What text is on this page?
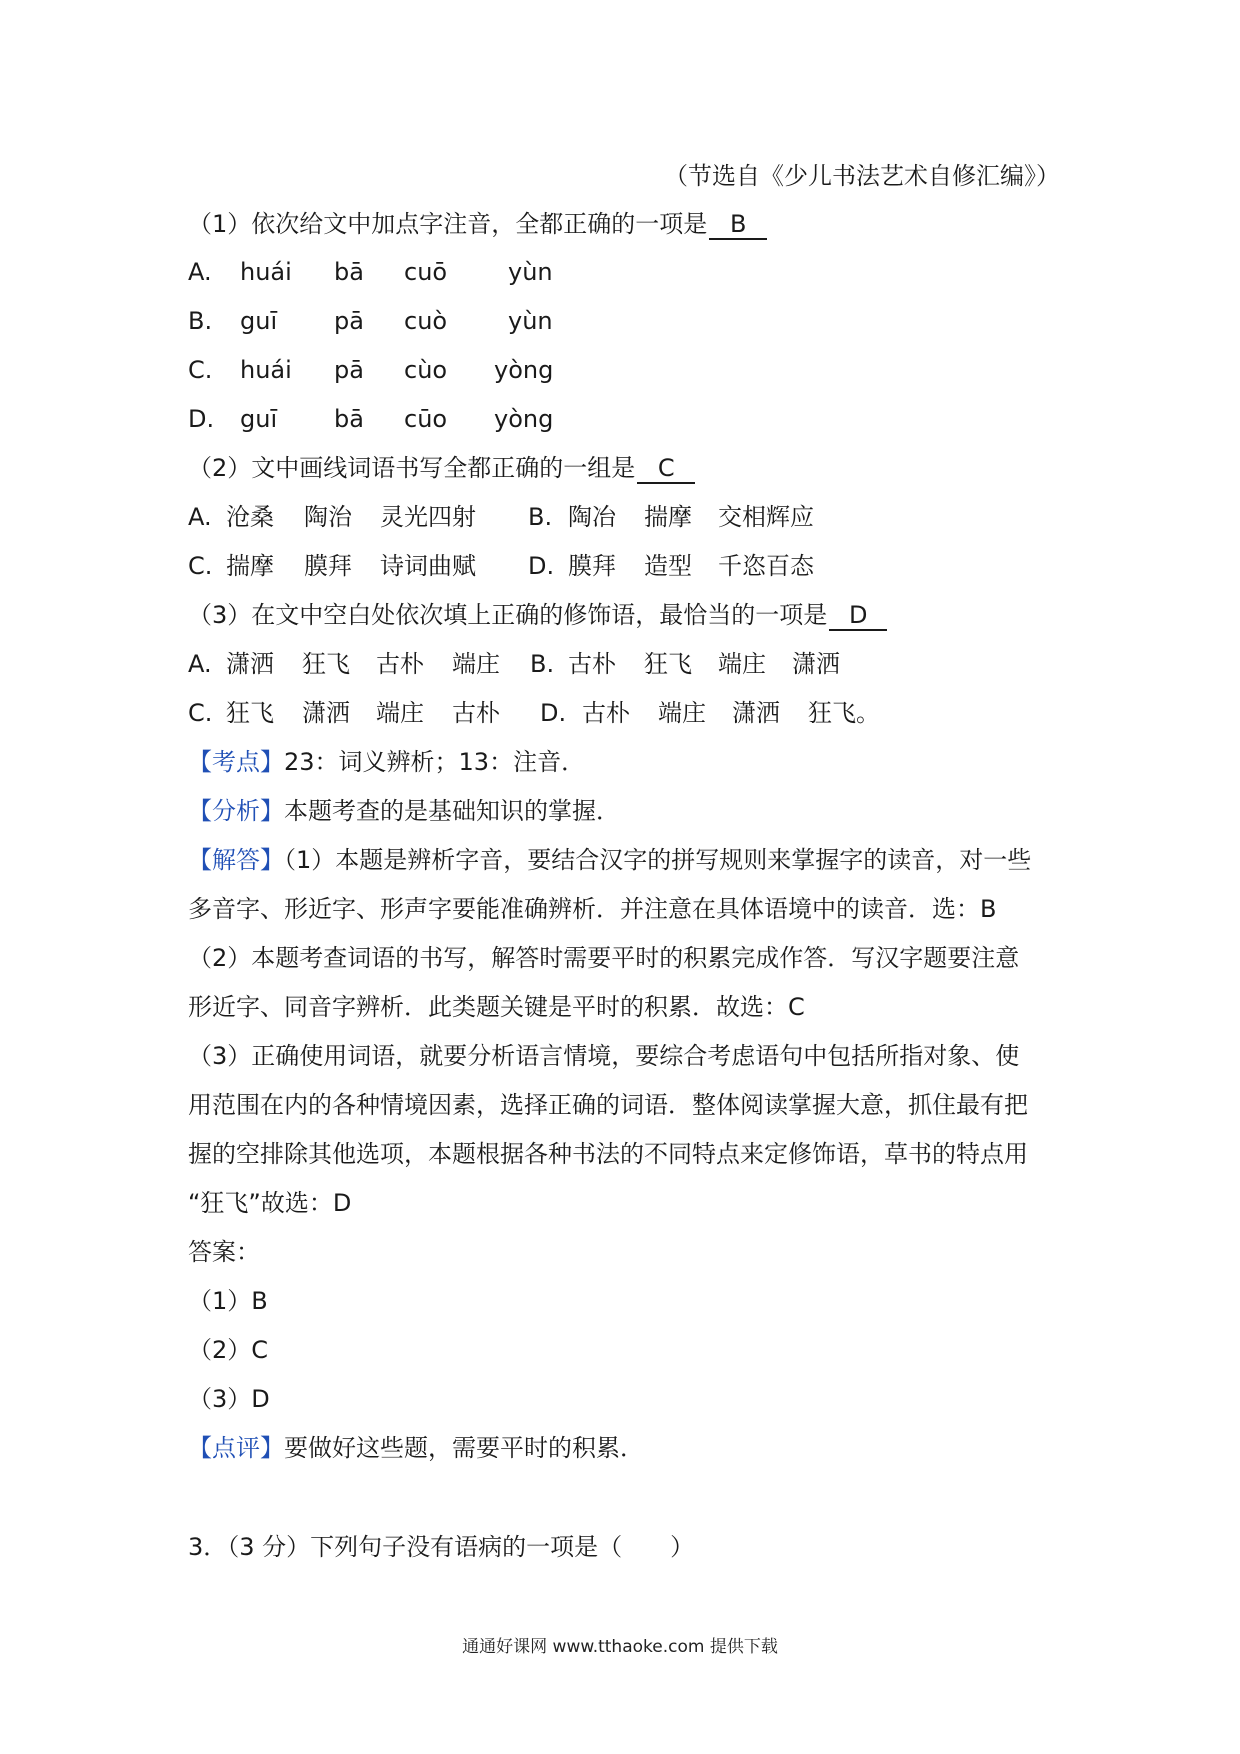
（节选自《少儿书法艺术自修汇编》）
（1）依次给文中加点字注音，全都正确的一项是 B
A. huái bā cuō	yùn
B. guī pā cuò	yùn
C. huái pā cùo yòng
D. guī bā cūo yòng
（2）文中画线词语书写全都正确的一组是 C
A. 沧桑 陶治 灵光四射 B. 陶冶 揣摩 交相辉应
C. 揣摩 膜拜 诗词曲赋 D. 膜拜 造型 千恣百态
（3）在文中空白处依次填上正确的修饰语，最恰当的一项是 D
A. 潇洒 狂飞 古朴 端庄 B. 古朴 狂飞 端庄 潇洒
C. 狂飞 潇洒 端庄 古朴 D. 古朴 端庄 潇洒 狂飞。
【考点】23：词义辨析；13：注音．
【分析】本题考查的是基础知识的掌握．
【解答】（1）本题是辨析字音，要结合汉字的拼写规则来掌握字的读音，对一些
多音字、形近字、形声字要能准确辨析．并注意在具体语境中的读音．选：B
（2）本题考查词语的书写，解答时需要平时的积累完成作答．写汉字题要注意
形近字、同音字辨析．此类题关键是平时的积累．故选：C
（3）正确使用词语，就要分析语言情境，要综合考虑语句中包括所指对象、使
用范围在内的各种情境因素，选择正确的词语．整体阅读掌握大意，抓住最有把
握的空排除其他选项，本题根据各种书法的不同特点来定修饰语，草书的特点用
“狂飞”故选：D
答案：
（1）B
（2）C
（3）D
【点评】要做好这些题，需要平时的积累．
3．（3 分）下列句子没有语病的一项是（　　）
通通好课网 www.tthaoke.com 提供下载
